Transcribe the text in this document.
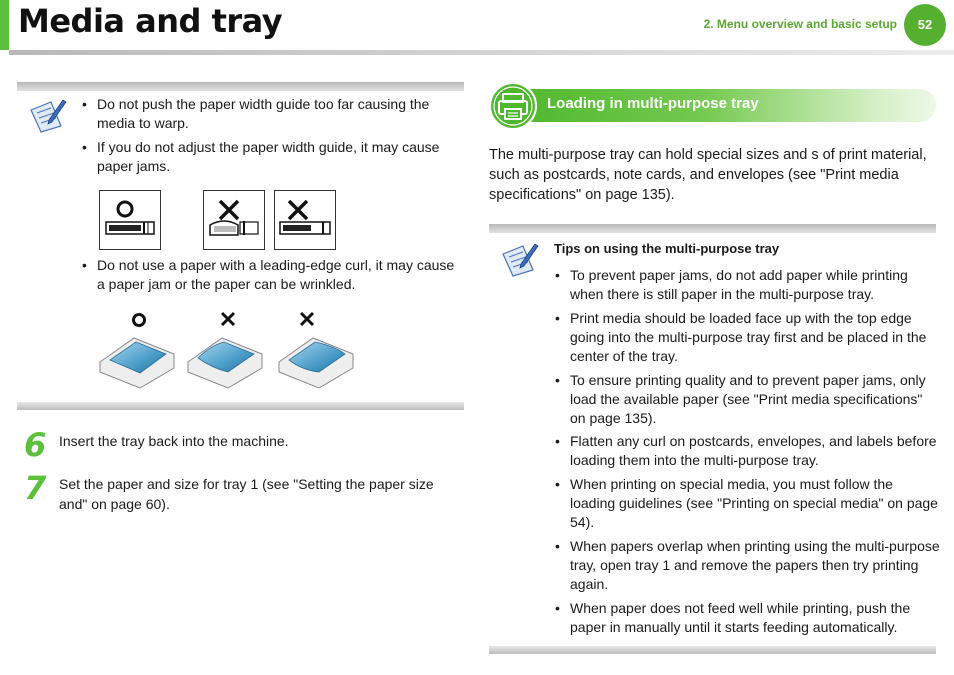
Media and tray	2. Menu overview and basic setup	52
• Do not push the paper width guide too far causing the media to warp.
• If you do not adjust the paper width guide, it may cause paper jams.
• Do not use a paper with a leading-edge curl, it may cause a paper jam or the paper can be wrinkled.
6 Insert the tray back into the machine.
7 Set the paper and size for tray 1 (see "Setting the paper size and" on page 60).
Loading in multi-purpose tray
The multi-purpose tray can hold special sizes and s of print material, such as postcards, note cards, and envelopes (see "Print media specifications" on page 135).
Tips on using the multi-purpose tray
• To prevent paper jams, do not add paper while printing when there is still paper in the multi-purpose tray.
• Print media should be loaded face up with the top edge going into the multi-purpose tray first and be placed in the center of the tray.
• To ensure printing quality and to prevent paper jams, only load the available paper (see "Print media specifications" on page 135).
• Flatten any curl on postcards, envelopes, and labels before loading them into the multi-purpose tray.
• When printing on special media, you must follow the loading guidelines (see "Printing on special media" on page 54).
• When papers overlap when printing using the multi-purpose tray, open tray 1 and remove the papers then try printing again.
• When paper does not feed well while printing, push the paper in manually until it starts feeding automatically.
